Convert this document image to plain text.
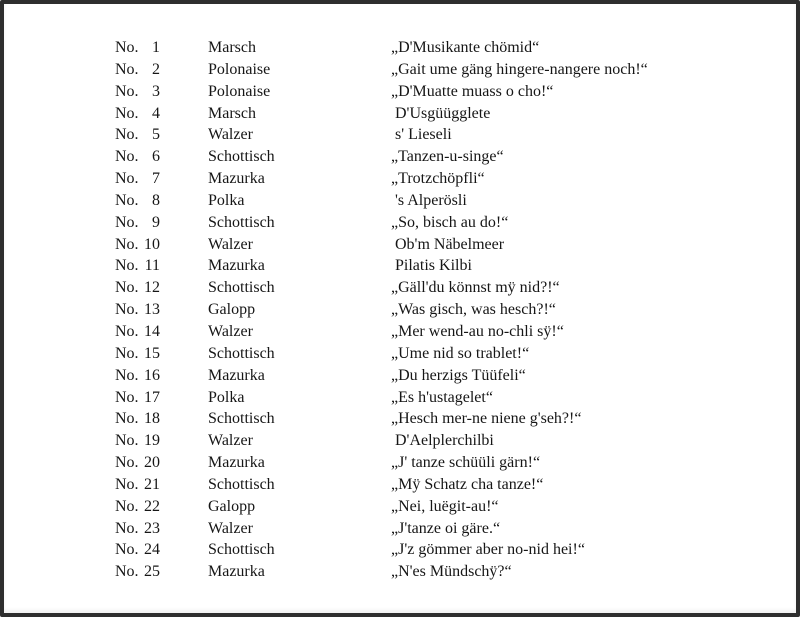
No. 1	Marsch	„D'Musikante chömid“
No. 2	Polonaise	„Gait ume gäng hingere-nangere noch!“
No. 3	Polonaise	„D'Muatte muass o cho!“
No. 4	Marsch	D'Usgüügglete
No. 5	Walzer	s' Lieseli
No. 6	Schottisch	„Tanzen-u-singe“
No. 7	Mazurka	„Trotzchöpfli“
No. 8	Polka	's Alperösli
No. 9	Schottisch	„So, bisch au do!“
No. 10	Walzer	Ob'm Näbelmeer
No. 11	Mazurka	Pilatis Kilbi
No. 12	Schottisch	„Gäll'du könnst mÿ nid?!“
No. 13	Galopp	„Was gisch, was hesch?!“
No. 14	Walzer	„Mer wend-au no-chli sÿ!“
No. 15	Schottisch	„Ume nid so trablet!“
No. 16	Mazurka	„Du herzigs Tüüfeli“
No. 17	Polka	„Es h'ustagelet“
No. 18	Schottisch	„Hesch mer-ne niene g'seh?!“
No. 19	Walzer	D'Aelplerchilbi
No. 20	Mazurka	„J' tanze schüüli gärn!“
No. 21	Schottisch	„Mÿ Schatz cha tanze!“
No. 22	Galopp	„Nei, luëgit-au!“
No. 23	Walzer	„J'tanze oi gäre.“
No. 24	Schottisch	„J'z gömmer aber no-nid hei!“
No. 25	Mazurka	„N'es Mündschÿ?“
